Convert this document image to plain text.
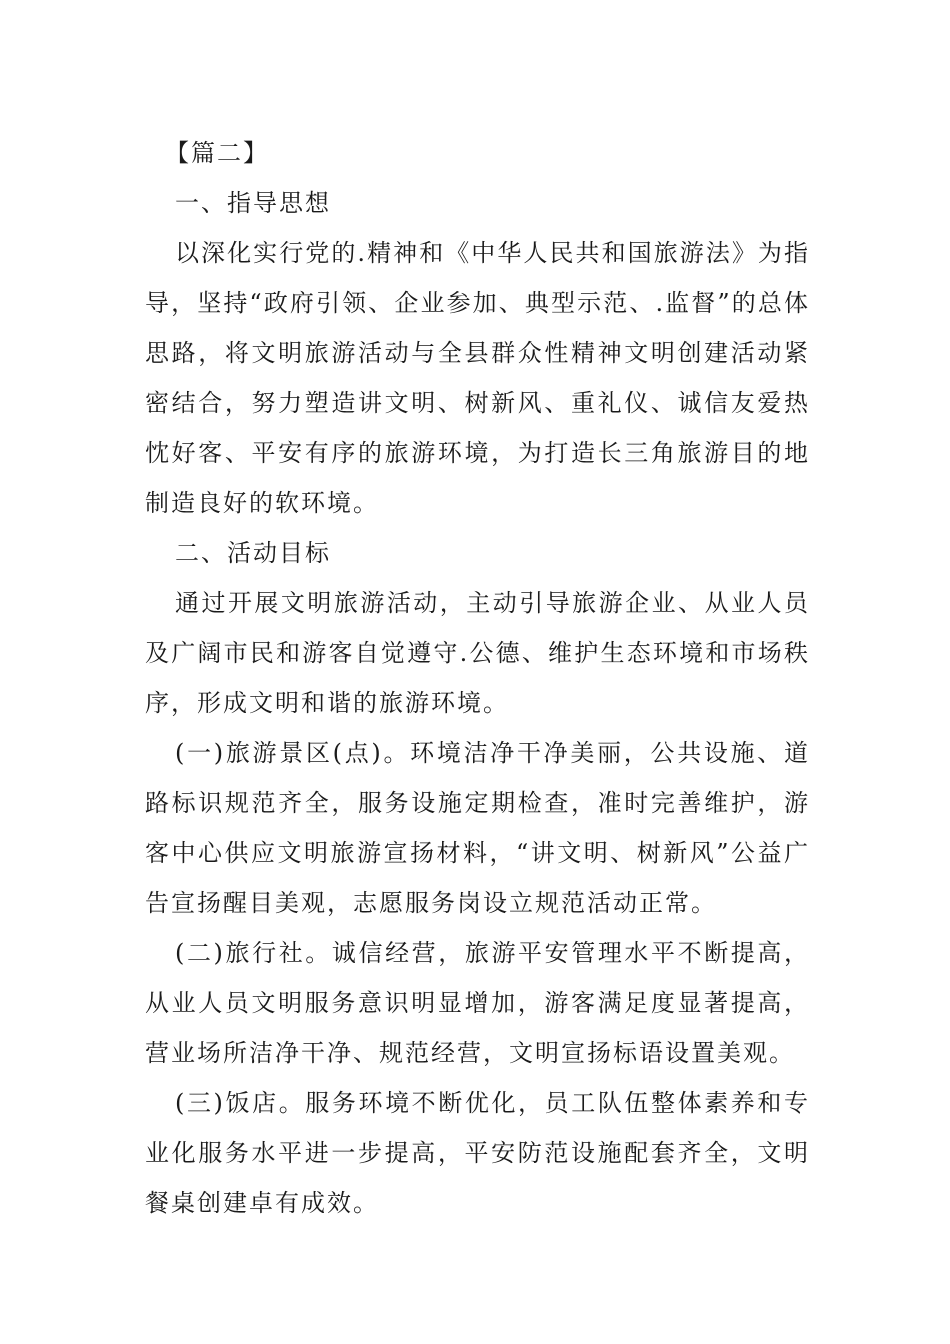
【篇二】

一、指导思想

以深化实行党的.精神和《中华人民共和国旅游法》为指导，坚持“政府引领、企业参加、典型示范、.监督”的总体思路，将文明旅游活动与全县群众性精神文明创建活动紧密结合，努力塑造讲文明、树新风、重礼仪、诚信友爱热忱好客、平安有序的旅游环境，为打造长三角旅游目的地制造良好的软环境。

二、活动目标

通过开展文明旅游活动，主动引导旅游企业、从业人员及广阔市民和游客自觉遵守.公德、维护生态环境和市场秩序，形成文明和谐的旅游环境。

(一)旅游景区(点)。环境洁净干净美丽，公共设施、道路标识规范齐全，服务设施定期检查，准时完善维护，游客中心供应文明旅游宣扬材料，“讲文明、树新风”公益广告宣扬醒目美观，志愿服务岗设立规范活动正常。

(二)旅行社。诚信经营，旅游平安管理水平不断提高，从业人员文明服务意识明显增加，游客满足度显著提高，营业场所洁净干净、规范经营，文明宣扬标语设置美观。

(三)饭店。服务环境不断优化，员工队伍整体素养和专业化服务水平进一步提高，平安防范设施配套齐全，文明餐桌创建卓有成效。
